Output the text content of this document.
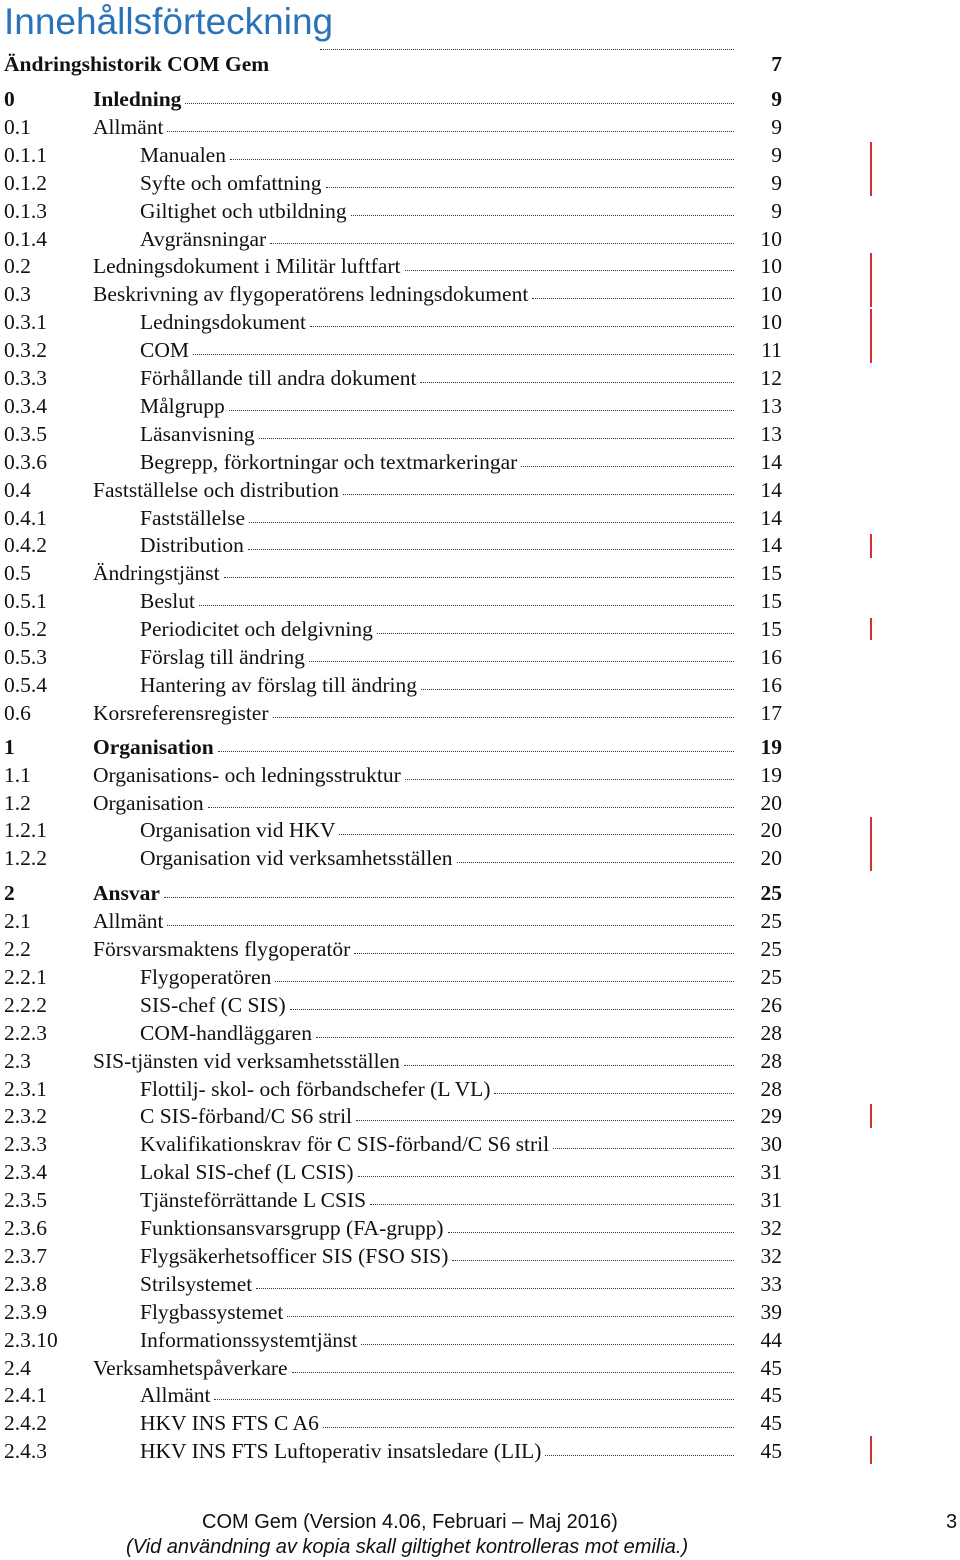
Innehållsförteckning
Ändringshistorik COM Gem	7
0	Inledning	9
0.1	Allmänt	9
0.1.1	Manualen	9
0.1.2	Syfte och omfattning	9
0.1.3	Giltighet och utbildning	9
0.1.4	Avgränsningar	10
0.2	Ledningsdokument i Militär luftfart	10
0.3	Beskrivning av flygoperatörens ledningsdokument	10
0.3.1	Ledningsdokument	10
0.3.2	COM	11
0.3.3	Förhållande till andra dokument	12
0.3.4	Målgrupp	13
0.3.5	Läsanvisning	13
0.3.6	Begrepp, förkortningar och textmarkeringar	14
0.4	Fastställelse och distribution	14
0.4.1	Fastställelse	14
0.4.2	Distribution	14
0.5	Ändringstjänst	15
0.5.1	Beslut	15
0.5.2	Periodicitet och delgivning	15
0.5.3	Förslag till ändring	16
0.5.4	Hantering av förslag till ändring	16
0.6	Korsreferensregister	17
1	Organisation	19
1.1	Organisations- och ledningsstruktur	19
1.2	Organisation	20
1.2.1	Organisation vid HKV	20
1.2.2	Organisation vid verksamhetsställen	20
2	Ansvar	25
2.1	Allmänt	25
2.2	Försvarsmaktens flygoperatör	25
2.2.1	Flygoperatören	25
2.2.2	SIS-chef (C SIS)	26
2.2.3	COM-handläggaren	28
2.3	SIS-tjänsten vid verksamhetsställen	28
2.3.1	Flottilj- skol- och förbandschefer (L VL)	28
2.3.2	C SIS-förband/C S6 stril	29
2.3.3	Kvalifikationskrav för C SIS-förband/C S6 stril	30
2.3.4	Lokal SIS-chef (L CSIS)	31
2.3.5	Tjänsteförrättande L CSIS	31
2.3.6	Funktionsansvarsgrupp (FA-grupp)	32
2.3.7	Flygsäkerhetsofficer SIS (FSO SIS)	32
2.3.8	Strilsystemet	33
2.3.9	Flygbassystemet	39
2.3.10	Informationssystemtjänst	44
2.4	Verksamhetspåverkare	45
2.4.1	Allmänt	45
2.4.2	HKV INS FTS C A6	45
2.4.3	HKV INS FTS Luftoperativ insatsledare (LIL)	45
COM Gem (Version 4.06, Februari – Maj 2016)
(Vid användning av kopia skall giltighet kontrolleras mot emilia.)
3
